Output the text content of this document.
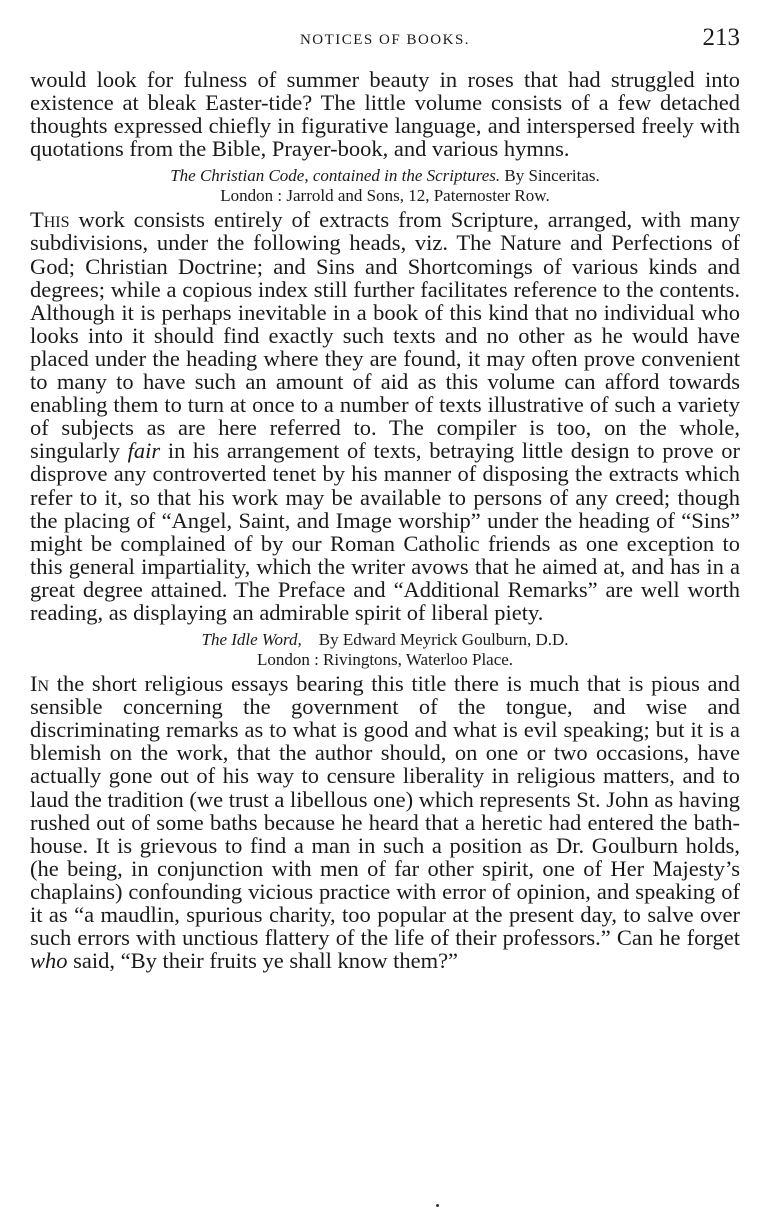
NOTICES OF BOOKS.	213

would look for fulness of summer beauty in roses that had struggled into existence at bleak Easter-tide? The little volume consists of a few detached thoughts expressed chiefly in figurative language, and interspersed freely with quotations from the Bible, Prayer-book, and various hymns.

The Christian Code, contained in the Scriptures. By Sinceritas.
London : Jarrold and Sons, 12, Paternoster Row.

This work consists entirely of extracts from Scripture, arranged, with many subdivisions, under the following heads, viz. The Nature and Perfections of God; Christian Doctrine; and Sins and Shortcomings of various kinds and degrees; while a copious index still further facilitates reference to the contents. Although it is perhaps inevitable in a book of this kind that no individual who looks into it should find exactly such texts and no other as he would have placed under the heading where they are found, it may often prove convenient to many to have such an amount of aid as this volume can afford towards enabling them to turn at once to a number of texts illustrative of such a variety of subjects as are here referred to. The compiler is too, on the whole, singularly fair in his arrangement of texts, betraying little design to prove or disprove any controverted tenet by his manner of disposing the extracts which refer to it, so that his work may be available to persons of any creed; though the placing of “Angel, Saint, and Image worship” under the heading of “Sins” might be complained of by our Roman Catholic friends as one exception to this general impartiality, which the writer avows that he aimed at, and has in a great degree attained. The Preface and “Additional Remarks” are well worth reading, as displaying an admirable spirit of liberal piety.

The Idle Word, By Edward Meyrick Goulburn, D.D.
London : Rivingtons, Waterloo Place.

In the short religious essays bearing this title there is much that is pious and sensible concerning the government of the tongue, and wise and discriminating remarks as to what is good and what is evil speaking; but it is a blemish on the work, that the author should, on one or two occasions, have actually gone out of his way to censure liberality in religious matters, and to laud the tradition (we trust a libellous one) which represents St. John as having rushed out of some baths because he heard that a heretic had entered the bath-house. It is grievous to find a man in such a position as Dr. Goulburn holds, (he being, in conjunction with men of far other spirit, one of Her Majesty’s chaplains) confounding vicious practice with error of opinion, and speaking of it as “a maudlin, spurious charity, too popular at the present day, to salve over such errors with unctious flattery of the life of their professors.” Can he forget who said, “By their fruits ye shall know them?”
